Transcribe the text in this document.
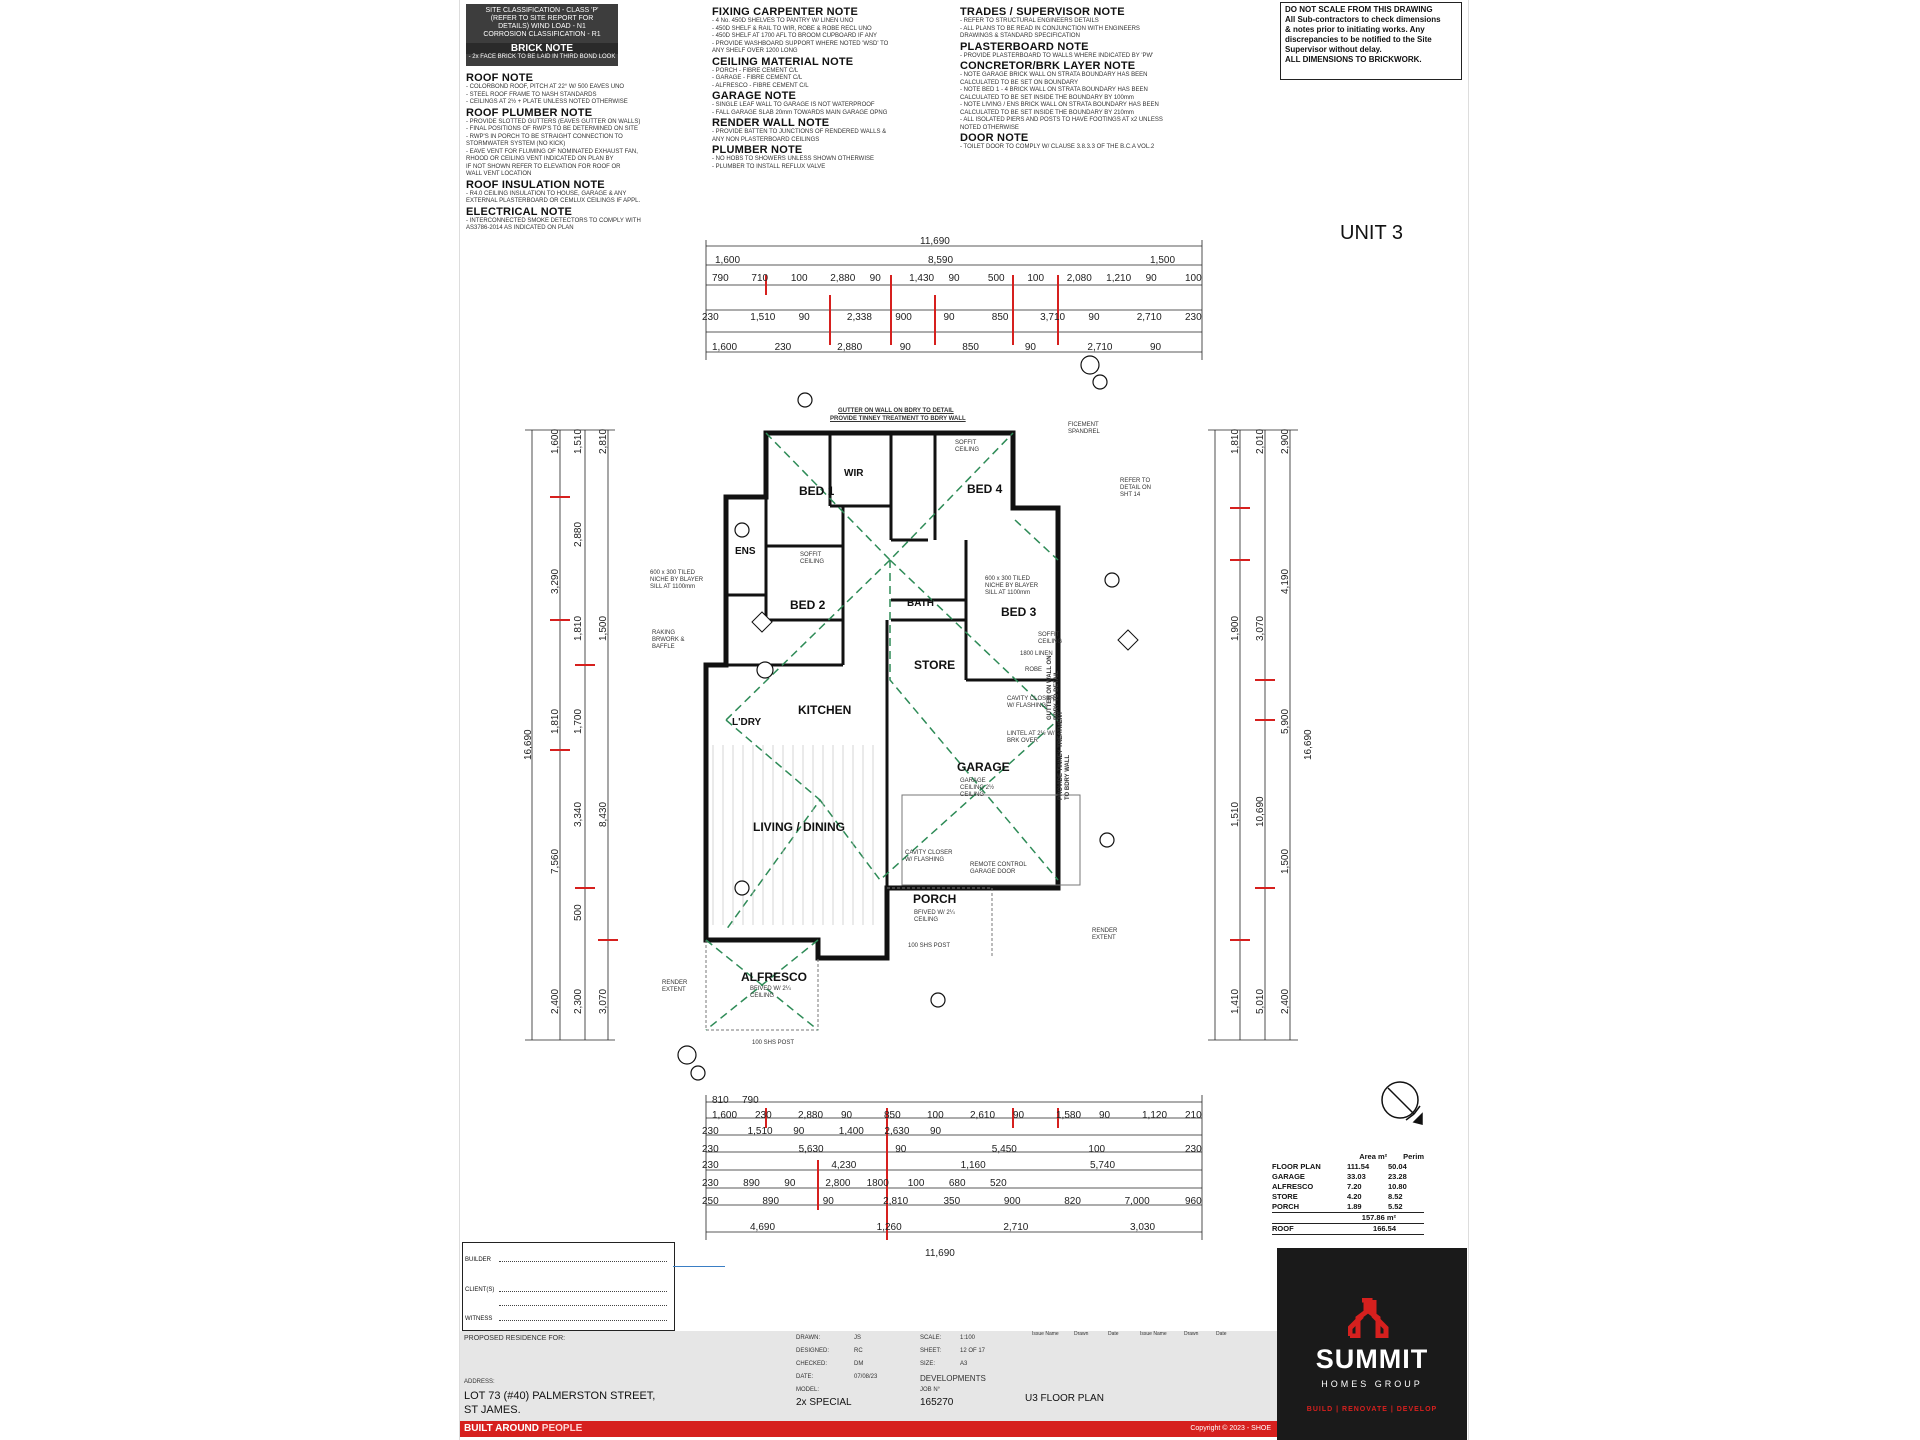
SITE CLASSIFICATION - CLASS 'P'
(REFER TO SITE REPORT FOR
DETAILS) WIND LOAD - N1
CORROSION CLASSIFICATION - R1
BRICK NOTE
- 2x FACE BRICK TO BE LAID IN THIRD BOND LOOK
ROOF NOTE
- COLORBOND ROOF, PITCH AT 22° W/ 500 EAVES UNO
- STEEL ROOF FRAME TO NASH STANDARDS
- CEILINGS AT 2½ + PLATE UNLESS NOTED OTHERWISE
ROOF PLUMBER NOTE
- PROVIDE SLOTTED GUTTERS (EAVES GUTTER ON WALLS)
- FINAL POSITIONS OF RWP'S TO BE DETERMINED ON SITE
- RWP'S IN PORCH TO BE STRAIGHT CONNECTION TO
STORMWATER SYSTEM (NO KICK)
- EAVE VENT FOR FLUMING OF NOMINATED EXHAUST FAN,
RHOOD OR CEILING VENT INDICATED ON PLAN BY
IF NOT SHOWN REFER TO ELEVATION FOR ROOF OR
WALL VENT LOCATION
ROOF INSULATION NOTE
- R4.0 CEILING INSULATION TO HOUSE, GARAGE & ANY
EXTERNAL PLASTERBOARD OR CEMLUX CEILINGS IF APPL.
ELECTRICAL NOTE
- INTERCONNECTED SMOKE DETECTORS TO COMPLY WITH
AS3786-2014 AS INDICATED ON PLAN
FIXING CARPENTER NOTE
- 4 No. 450D SHELVES TO PANTRY W/ LINEN UNO
- 450D SHELF & RAIL TO WIR, ROBE & ROBE RECL UNO
- 450D SHELF AT 1700 AFL TO BROOM CUPBOARD IF ANY
- PROVIDE WASHBOARD SUPPORT WHERE NOTED 'WSD' TO
ANY SHELF OVER 1200 LONG
CEILING MATERIAL NOTE
- PORCH - FIBRE CEMENT C/L
- GARAGE - FIBRE CEMENT C/L
- ALFRESCO - FIBRE CEMENT C/L
GARAGE NOTE
- SINGLE LEAF WALL TO GARAGE IS NOT WATERPROOF
- FALL GARAGE SLAB 20mm TOWARDS MAIN GARAGE OPNG
RENDER WALL NOTE
- PROVIDE BATTEN TO JUNCTIONS OF RENDERED WALLS &
ANY NON PLASTERBOARD CEILINGS
PLUMBER NOTE
- NO HOBS TO SHOWERS UNLESS SHOWN OTHERWISE
- PLUMBER TO INSTALL REFLUX VALVE
TRADES / SUPERVISOR NOTE
- REFER TO STRUCTURAL ENGINEERS DETAILS
- ALL PLANS TO BE READ IN CONJUNCTION WITH ENGINEERS
DRAWINGS & STANDARD SPECIFICATION
PLASTERBOARD NOTE
- PROVIDE PLASTERBOARD TO WALLS WHERE INDICATED BY 'PW'
CONCRETOR/BRK LAYER NOTE
- NOTE GARAGE BRICK WALL ON STRATA BOUNDARY HAS BEEN
CALCULATED TO BE SET ON BOUNDARY
- NOTE BED 1 - 4 BRICK WALL ON STRATA BOUNDARY HAS BEEN
CALCULATED TO BE SET INSIDE THE BOUNDARY BY 100mm
- NOTE LIVING / ENS BRICK WALL ON STRATA BOUNDARY HAS BEEN
CALCULATED TO BE SET INSIDE THE BOUNDARY BY 210mm
- ALL ISOLATED PIERS AND POSTS TO HAVE FOOTINGS AT x2 UNLESS
NOTED OTHERWISE
DOOR NOTE
- TOILET DOOR TO COMPLY W/ CLAUSE 3.8.3.3 OF THE B.C.A VOL.2
DO NOT SCALE FROM THIS DRAWING
All Sub-contractors to check dimensions
& notes prior to initiating works. Any
discrepancies to be notified to the Site
Supervisor without delay.
ALL DIMENSIONS TO BRICKWORK.
UNIT 3
BED 1
WIR
BED 4
ENS
BED 2	BATH
BED 3
STORE
KITCHEN
L'DRY
GARAGE
LIVING / DINING
PORCH
ALFRESCO
GUTTER ON WALL ON BDRY TO DETAIL
PROVIDE TINNEY TREATMENT TO BDRY WALL
FICEMENT SPANDREL
REFER TO DETAIL ON SHT 14
SOFFIT CEILING
SOFFIT CEILING
SOFFIT CEILING
600 x 300 TILED NICHE BY BLAYER SILL AT 1100mm
600 x 300 TILED NICHE BY BLAYER SILL AT 1100mm
RAKING BRWORK & BAFFLE
CAVITY CLOSER W/ FLASHING
LINTEL AT 2½ W/ BRK OVER
CAVITY CLOSER W/ FLASHING
REMOTE CONTROL GARAGE DOOR
GARAGE CEILING 2½ CEILING
BFIVED W/ 2¼ CEILING
BFIVED W/ 2¼ CEILING
100 SHS POST
100 SHS POST
RENDER EXTENT
RENDER EXTENT
GUTTER ON WALL ON BDRY TO DETAIL
PROVIDE TINNEY TREATMENT TO BDRY WALL
1800 LINEN
ROBE
11,690
8,590
1,600	1,500
790 710 100 2,880 90	1,430 90	500 100 2,080 1,210 90	100
230	1,510 90	2,338 900	90	850	3,710 90	2,710 230
1,600	230	2,880	90	850	90	2,710	90
810 790
1,600 230	2,880 90	850	100	2,610 90	1,580 90	1,120 210
230	1,510 90	1,400 2,630 90
230	5,630	90	5,450	100	230
230	4,230	1,160	5,740
230 890 90	2,800 1800 100 680 520
250	890	90	2,810	350	900	820	7,000	960
4,690	1,260	2,710	3,030
11,690
16,690
1,600
3,290
1,810
7,560
2,400
1,510
2,880
1,810
1,700
3,340
500
2,300
2,810
1,500
8,430
3,070
16,690
2,900
4,190
5,900
1,500
2,400
2,010
3,070
10,690
5,010
1,810
1,900
1,510
1,410
Area m² Perim
FLOOR PLAN	111.54	50.04
GARAGE	33.03	23.28
ALFRESCO	7.20	10.80
STORE	4.20	8.52
PORCH	1.89	5.52
157.86 m²
ROOF	166.54
BUILDER
CLIENT(S)
WITNESS
PROPOSED RESIDENCE FOR:
ADDRESS:
LOT 73 (#40) PALMERSTON STREET,
ST JAMES.
DRAWN:	JS
DESIGNED:	RC
CHECKED:	DM
DATE:	07/08/23
MODEL:
2x SPECIAL
SCALE:	1:100
SHEET:	12 OF 17
SIZE:	A3
DEVELOPMENTS
JOB N°
165270	U3 FLOOR PLAN
Issue Name	Drawn	Date	Issue Name	Drawn	Date
BUILT AROUND PEOPLE	Copyright © 2023 - SHOE
SUMMIT
HOMES GROUP
BUILD | RENOVATE | DEVELOP
